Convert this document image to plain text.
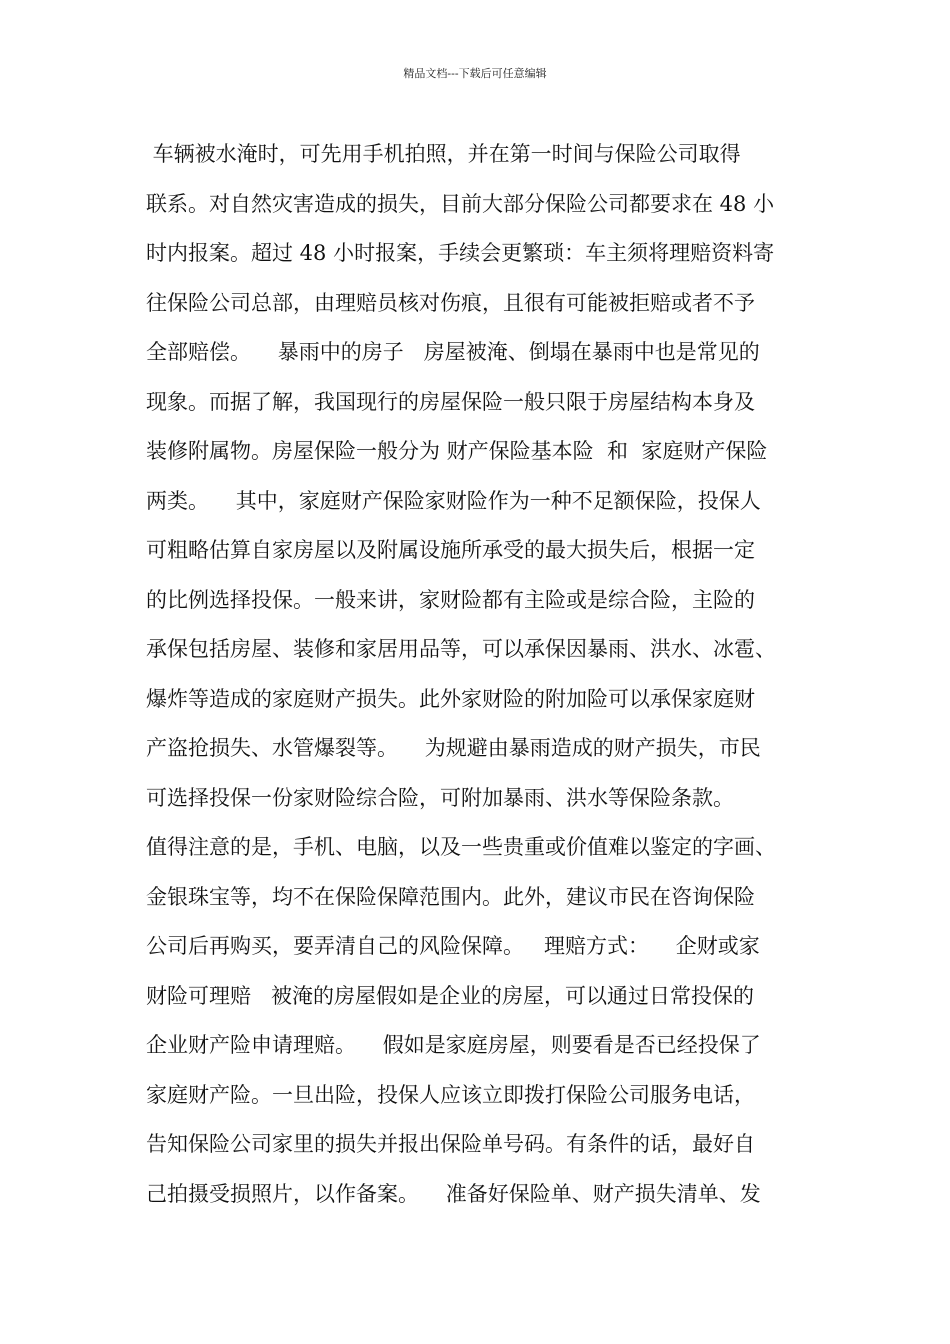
精品文档---下载后可任意编辑
车辆被水淹时，可先用手机拍照，并在第一时间与保险公司取得
联系。对自然灾害造成的损失，目前大部分保险公司都要求在 48 小
时内报案。超过 48 小时报案，手续会更繁琐：车主须将理赔资料寄
往保险公司总部，由理赔员核对伤痕，且很有可能被拒赔或者不予
全部赔偿。    暴雨中的房子   房屋被淹、倒塌在暴雨中也是常见的
现象。而据了解，我国现行的房屋保险一般只限于房屋结构本身及
装修附属物。房屋保险一般分为 财产保险基本险  和  家庭财产保险
两类。    其中，家庭财产保险家财险作为一种不足额保险，投保人
可粗略估算自家房屋以及附属设施所承受的最大损失后，根据一定
的比例选择投保。一般来讲，家财险都有主险或是综合险，主险的
承保包括房屋、装修和家居用品等，可以承保因暴雨、洪水、冰雹、
爆炸等造成的家庭财产损失。此外家财险的附加险可以承保家庭财
产盗抢损失、水管爆裂等。    为规避由暴雨造成的财产损失，市民
可选择投保一份家财险综合险，可附加暴雨、洪水等保险条款。
值得注意的是，手机、电脑，以及一些贵重或价值难以鉴定的字画、
金银珠宝等，均不在保险保障范围内。此外，建议市民在咨询保险
公司后再购买，要弄清自己的风险保障。   理赔方式：    企财或家
财险可理赔   被淹的房屋假如是企业的房屋，可以通过日常投保的
企业财产险申请理赔。    假如是家庭房屋，则要看是否已经投保了
家庭财产险。一旦出险，投保人应该立即拨打保险公司服务电话，
告知保险公司家里的损失并报出保险单号码。有条件的话，最好自
己拍摄受损照片，以作备案。    准备好保险单、财产损失清单、发
